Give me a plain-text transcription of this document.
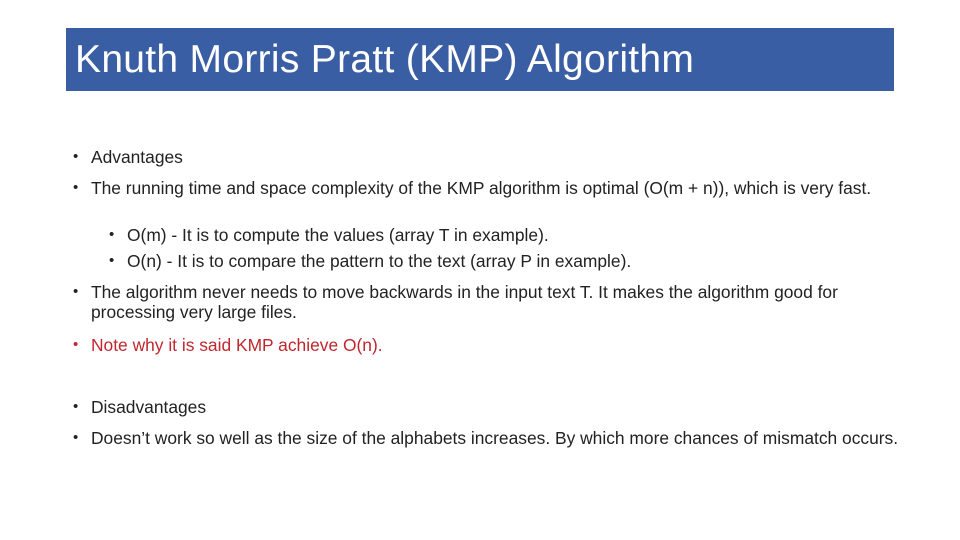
Knuth Morris Pratt (KMP) Algorithm
• Advantages
• The running time and space complexity of the KMP algorithm is optimal (O(m + n)), which is very fast.
• O(m) - It is to compute the values (array T in example).
• O(n) - It is to compare the pattern to the text (array P in example).
• The algorithm never needs to move backwards in the input text T. It makes the algorithm good for processing very large files.
• Note why it is said KMP achieve O(n).
• Disadvantages
• Doesn’t work so well as the size of the alphabets increases. By which more chances of mismatch occurs.
